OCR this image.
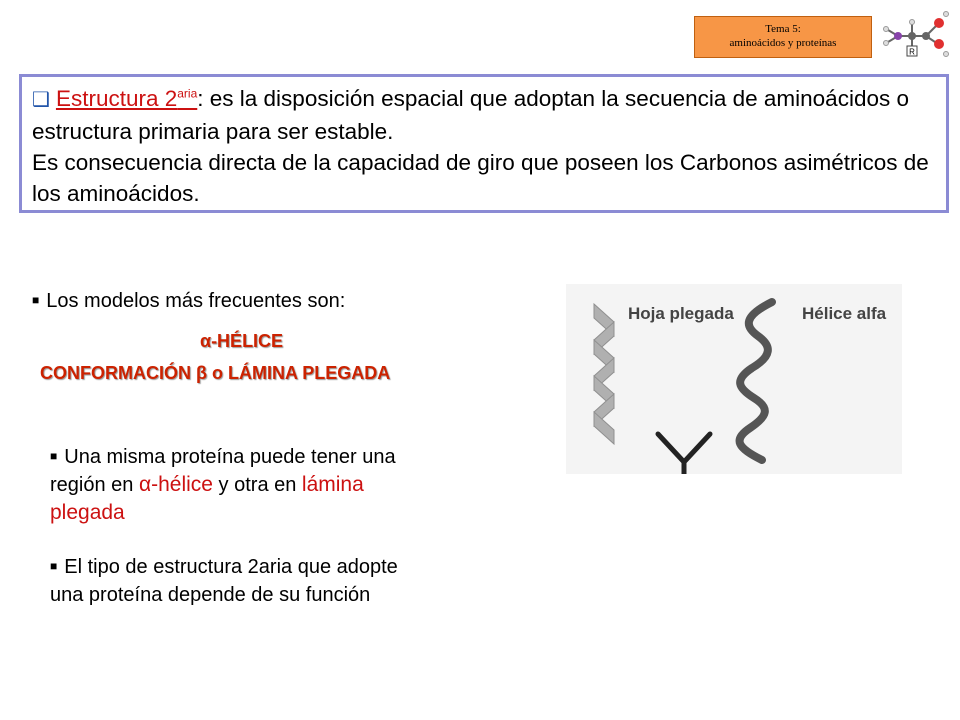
Tema 5:
aminoácidos y proteínas
R
❑ Estructura $2^{aria}$: es la disposición espacial que adoptan la secuencia de aminoácidos o estructura primaria para ser estable.
Es consecuencia directa de la capacidad de giro que poseen los Carbonos asimétricos de los aminoácidos.
■ Los modelos más frecuentes son:
α-HÉLICE
CONFORMACIÓN β o LÁMINA PLEGADA
■ Una misma proteína puede tener una región en α-hélice y otra en lámina plegada
■ El tipo de estructura 2aria que adopte una proteína depende de su función
Hoja plegada	Hélice alfa
